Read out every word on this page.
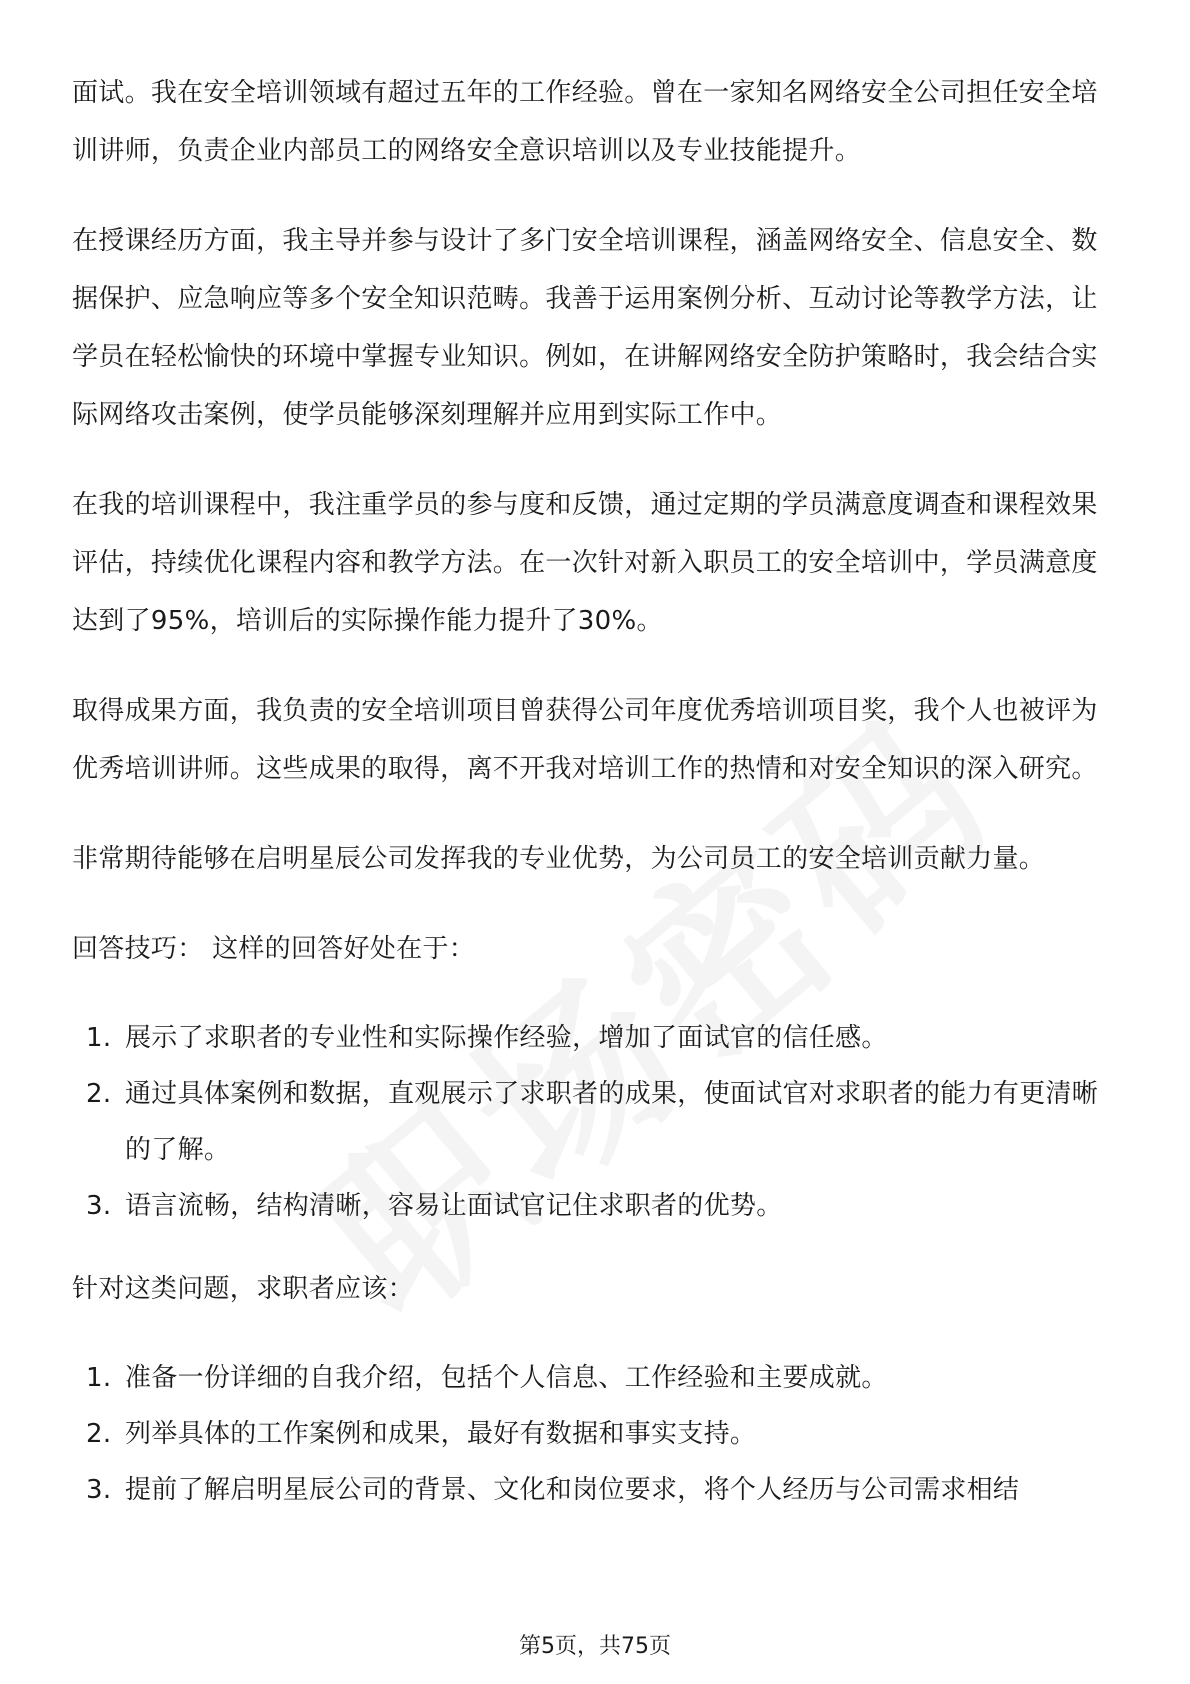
面试。我在安全培训领域有超过五年的工作经验。曾在一家知名网络安全公司担任安全培训讲师，负责企业内部员工的网络安全意识培训以及专业技能提升。

在授课经历方面，我主导并参与设计了多门安全培训课程，涵盖网络安全、信息安全、数据保护、应急响应等多个安全知识范畴。我善于运用案例分析、互动讨论等教学方法，让学员在轻松愉快的环境中掌握专业知识。例如，在讲解网络安全防护策略时，我会结合实际网络攻击案例，使学员能够深刻理解并应用到实际工作中。

在我的培训课程中，我注重学员的参与度和反馈，通过定期的学员满意度调查和课程效果评估，持续优化课程内容和教学方法。在一次针对新入职员工的安全培训中，学员满意度达到了95%，培训后的实际操作能力提升了30%。

取得成果方面，我负责的安全培训项目曾获得公司年度优秀培训项目奖，我个人也被评为优秀培训讲师。这些成果的取得，离不开我对培训工作的热情和对安全知识的深入研究。

非常期待能够在启明星辰公司发挥我的专业优势，为公司员工的安全培训贡献力量。

回答技巧： 这样的回答好处在于：

1. 展示了求职者的专业性和实际操作经验，增加了面试官的信任感。
2. 通过具体案例和数据，直观展示了求职者的成果，使面试官对求职者的能力有更清晰的了解。
3. 语言流畅，结构清晰，容易让面试官记住求职者的优势。

针对这类问题，求职者应该：

1. 准备一份详细的自我介绍，包括个人信息、工作经验和主要成就。
2. 列举具体的工作案例和成果，最好有数据和事实支持。
3. 提前了解启明星辰公司的背景、文化和岗位要求，将个人经历与公司需求相结
第5页，共75页
